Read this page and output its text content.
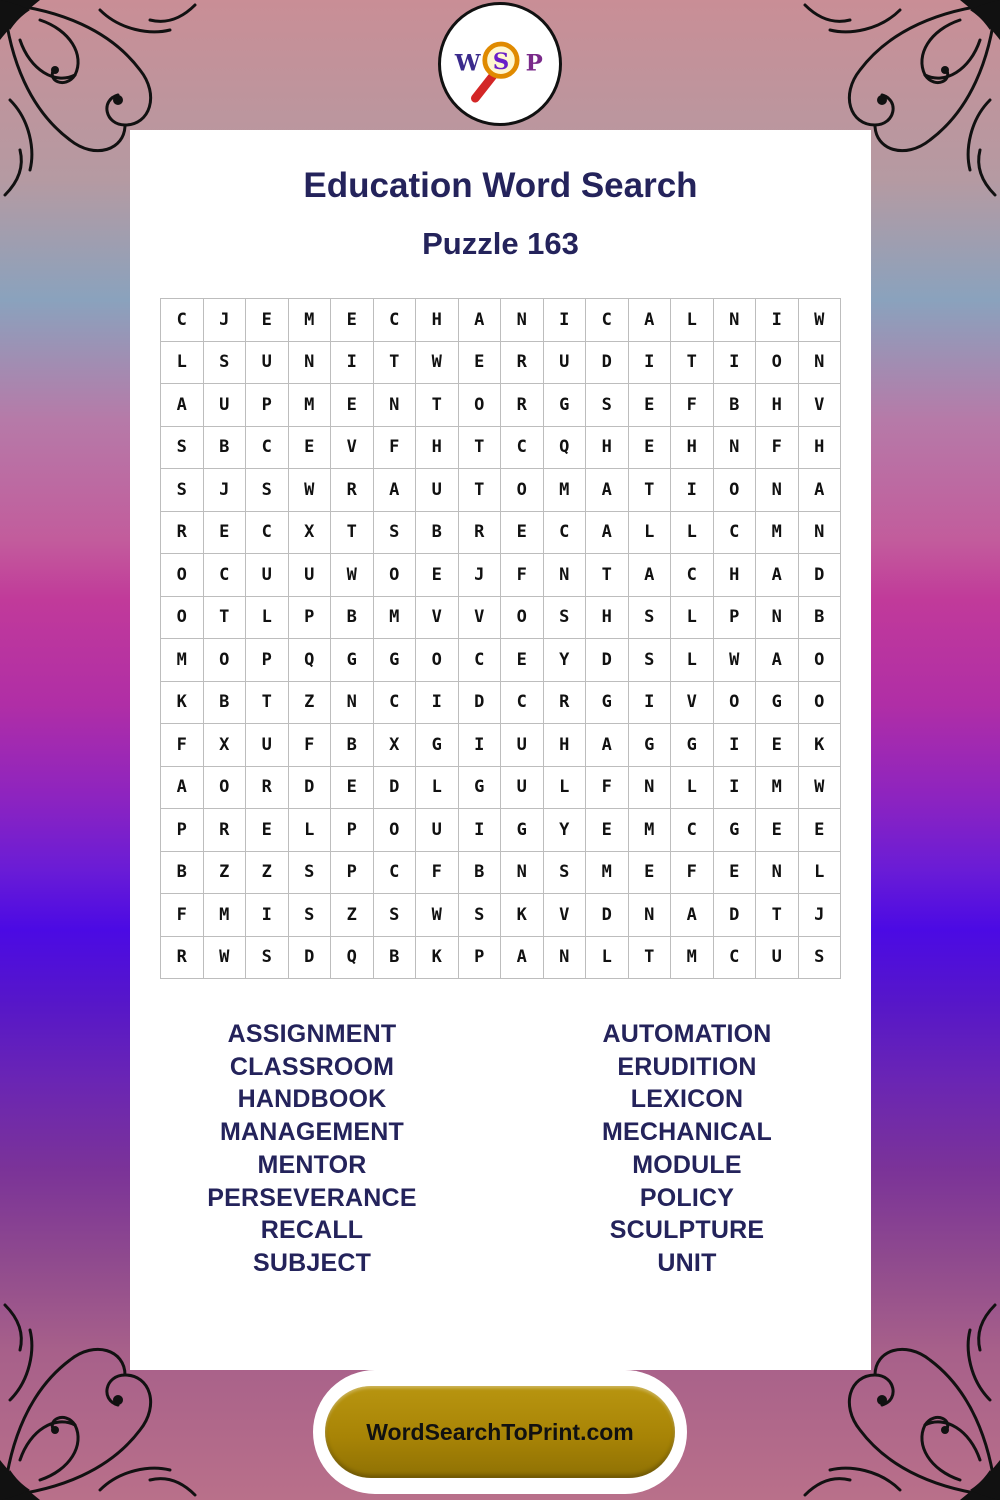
W S P
Education Word Search
Puzzle 163
C	J	E	M	E	C	H	A	N	I	C	A	L	N	I	W
L	S	U	N	I	T	W	E	R	U	D	I	T	I	O	N
A	U	P	M	E	N	T	O	R	G	S	E	F	B	H	V
S	B	C	E	V	F	H	T	C	Q	H	E	H	N	F	H
S	J	S	W	R	A	U	T	O	M	A	T	I	O	N	A
R	E	C	X	T	S	B	R	E	C	A	L	L	C	M	N
O	C	U	U	W	O	E	J	F	N	T	A	C	H	A	D
O	T	L	P	B	M	V	V	O	S	H	S	L	P	N	B
M	O	P	Q	G	G	O	C	E	Y	D	S	L	W	A	O
K	B	T	Z	N	C	I	D	C	R	G	I	V	O	G	O
F	X	U	F	B	X	G	I	U	H	A	G	G	I	E	K
A	O	R	D	E	D	L	G	U	L	F	N	L	I	M	W
P	R	E	L	P	O	U	I	G	Y	E	M	C	G	E	E
B	Z	Z	S	P	C	F	B	N	S	M	E	F	E	N	L
F	M	I	S	Z	S	W	S	K	V	D	N	A	D	T	J
R	W	S	D	Q	B	K	P	A	N	L	T	M	C	U	S
ASSIGNMENT
CLASSROOM
HANDBOOK
MANAGEMENT
MENTOR
PERSEVERANCE
RECALL
SUBJECT
AUTOMATION
ERUDITION
LEXICON
MECHANICAL
MODULE
POLICY
SCULPTURE
UNIT
WordSearchToPrint.com
